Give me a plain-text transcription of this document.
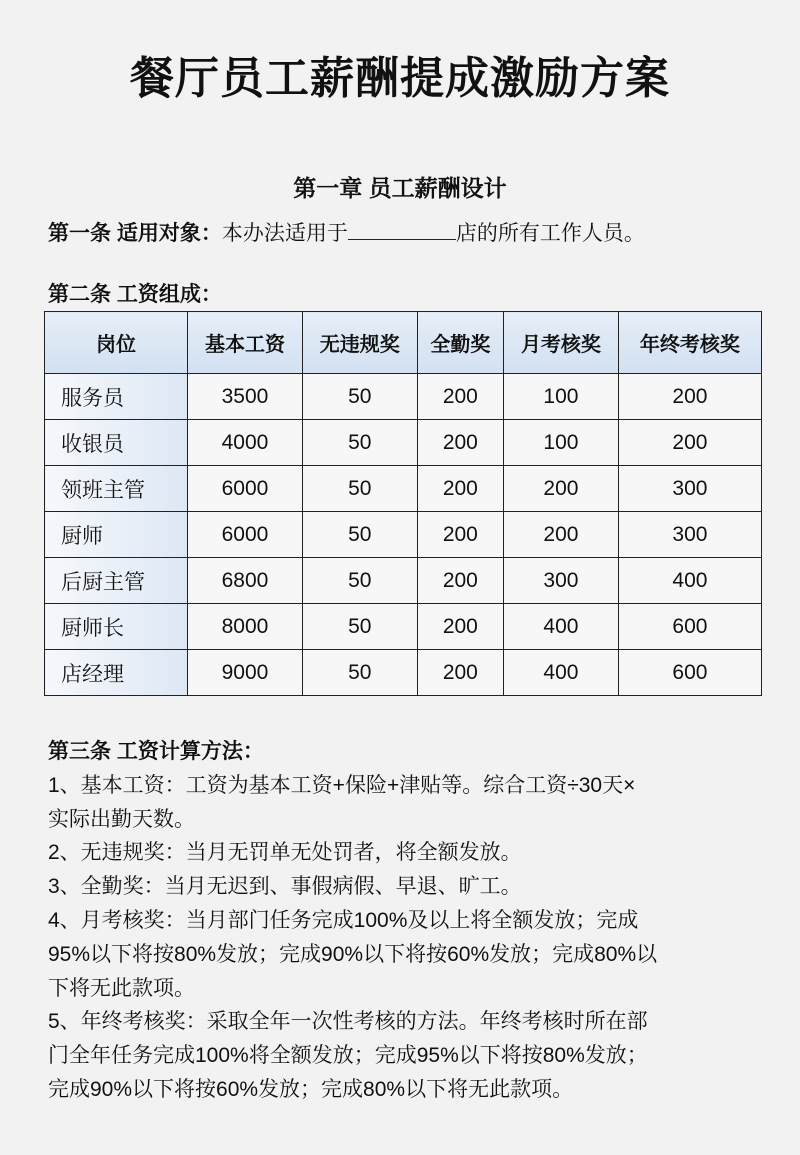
餐厅员工薪酬提成激励方案
第一章 员工薪酬设计
第一条 适用对象：本办法适用于	店的所有工作人员。
第二条 工资组成：
岗位	基本工资	无违规奖	全勤奖	月考核奖	年终考核奖
服务员	3500	50	200	100	200
收银员	4000	50	200	100	200
领班主管	6000	50	200	200	300
厨师	6000	50	200	200	300
后厨主管	6800	50	200	300	400
厨师长	8000	50	200	400	600
店经理	9000	50	200	400	600
第三条 工资计算方法：
1、基本工资：工资为基本工资+保险+津贴等。综合工资÷30天×
实际出勤天数。
2、无违规奖：当月无罚单无处罚者，将全额发放。
3、全勤奖：当月无迟到、事假病假、早退、旷工。
4、月考核奖：当月部门任务完成100%及以上将全额发放；完成
95%以下将按80%发放；完成90%以下将按60%发放；完成80%以
下将无此款项。
5、年终考核奖：采取全年一次性考核的方法。年终考核时所在部
门全年任务完成100%将全额发放；完成95%以下将按80%发放；
完成90%以下将按60%发放；完成80%以下将无此款项。
